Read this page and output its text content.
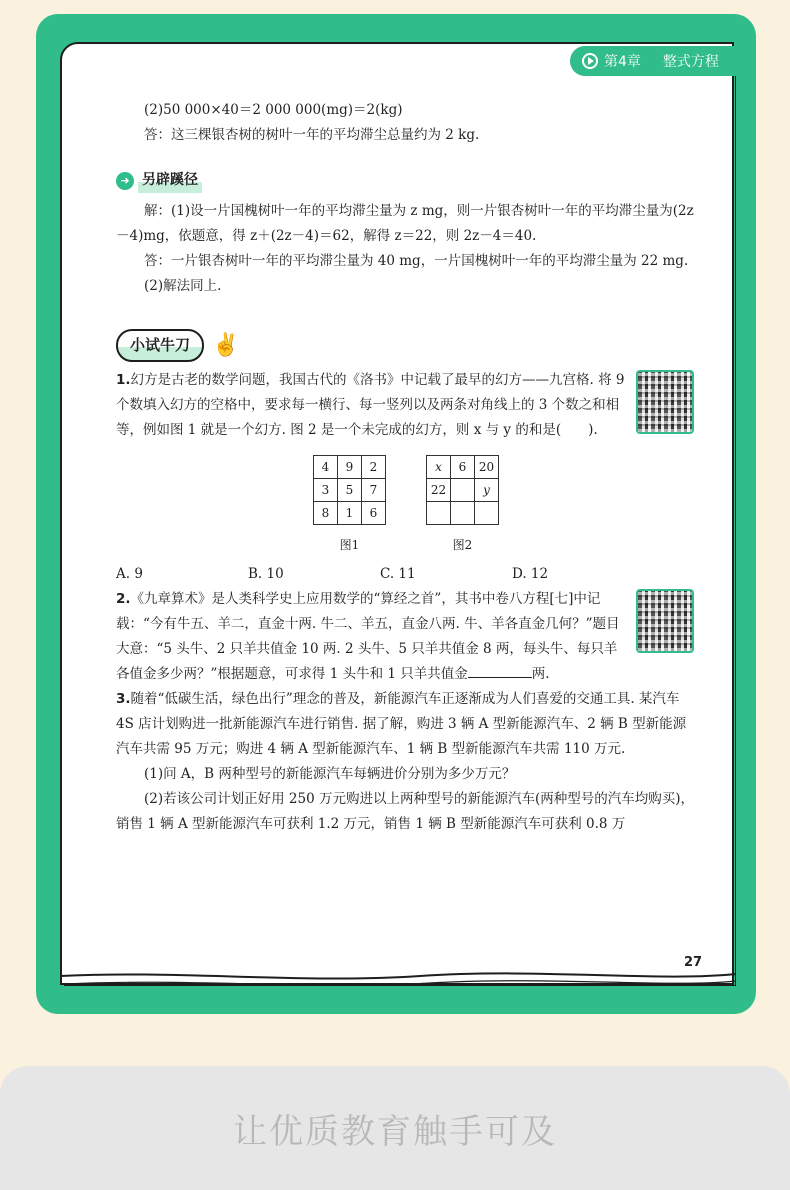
第4章 整式方程
(2)50 000×40＝2 000 000(mg)＝2(kg)
答：这三棵银杏树的树叶一年的平均滞尘总量约为 2 kg.
➜ 另辟蹊径
解：(1)设一片国槐树叶一年的平均滞尘量为 z mg，则一片银杏树叶一年的平均滞尘量为(2z－4)mg，依题意，得 z＋(2z－4)＝62，解得 z＝22，则 2z－4＝40.
答：一片银杏树叶一年的平均滞尘量为 40 mg，一片国槐树叶一年的平均滞尘量为 22 mg.
(2)解法同上.
小试牛刀	✌
1.幻方是古老的数学问题，我国古代的《洛书》中记载了最早的幻方——九宫格. 将 9 个数填入幻方的空格中，要求每一横行、每一竖列以及两条对角线上的 3 个数之和相等，例如图 1 就是一个幻方. 图 2 是一个未完成的幻方，则 x 与 y 的和是(　　).
4	9	2
3	5	7
8	1	6
图1
x	6	20
22		y

图2
A. 9	B. 10	C. 11	D. 12
2.《九章算术》是人类科学史上应用数学的“算经之首”，其书中卷八方程[七]中记载：“今有牛五、羊二，直金十两. 牛二、羊五，直金八两. 牛、羊各直金几何？”题目大意：“5 头牛、2 只羊共值金 10 两. 2 头牛、5 只羊共值金 8 两，每头牛、每只羊各值金多少两？”根据题意，可求得 1 头牛和 1 只羊共值金	两.
3.随着“低碳生活，绿色出行”理念的普及，新能源汽车正逐渐成为人们喜爱的交通工具. 某汽车 4S 店计划购进一批新能源汽车进行销售. 据了解，购进 3 辆 A 型新能源汽车、2 辆 B 型新能源汽车共需 95 万元；购进 4 辆 A 型新能源汽车、1 辆 B 型新能源汽车共需 110 万元.
(1)问 A，B 两种型号的新能源汽车每辆进价分别为多少万元？
(2)若该公司计划正好用 250 万元购进以上两种型号的新能源汽车(两种型号的汽车均购买)，销售 1 辆 A 型新能源汽车可获利 1.2 万元，销售 1 辆 B 型新能源汽车可获利 0.8 万
27
让优质教育触手可及
